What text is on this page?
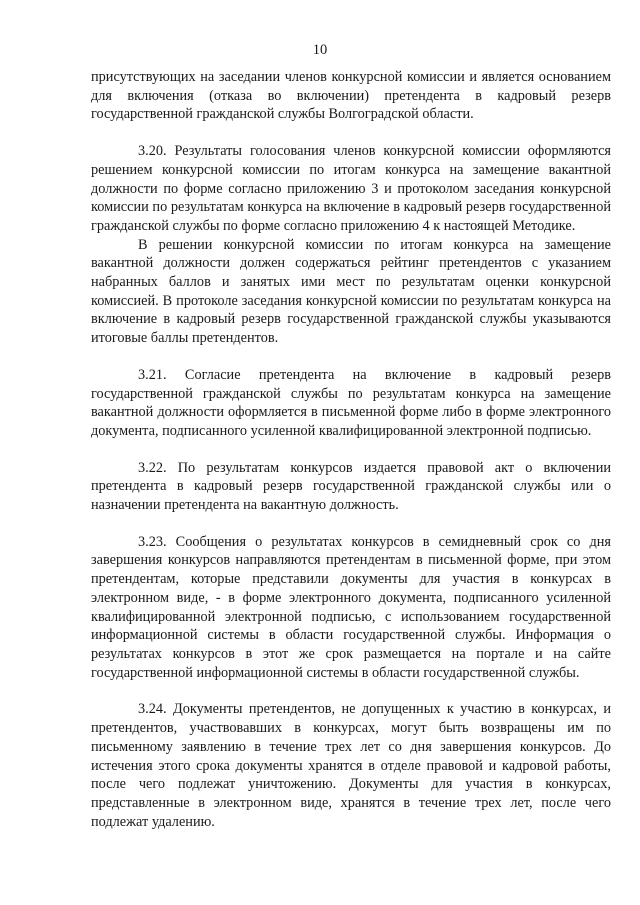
10

присутствующих на заседании членов конкурсной комиссии и является основанием для включения (отказа во включении) претендента в кадровый резерв государственной гражданской службы Волгоградской области.

3.20. Результаты голосования членов конкурсной комиссии оформляются решением конкурсной комиссии по итогам конкурса на замещение вакантной должности по форме согласно приложению 3 и протоколом заседания конкурсной комиссии по результатам конкурса на включение в кадровый резерв государственной гражданской службы по форме согласно приложению 4 к настоящей Методике.

В решении конкурсной комиссии по итогам конкурса на замещение вакантной должности должен содержаться рейтинг претендентов с указанием набранных баллов и занятых ими мест по результатам оценки конкурсной комиссией. В протоколе заседания конкурсной комиссии по результатам конкурса на включение в кадровый резерв государственной гражданской службы указываются итоговые баллы претендентов.

3.21. Согласие претендента на включение в кадровый резерв государственной гражданской службы по результатам конкурса на замещение вакантной должности оформляется в письменной форме либо в форме электронного документа, подписанного усиленной квалифицированной электронной подписью.

3.22. По результатам конкурсов издается правовой акт о включении претендента в кадровый резерв государственной гражданской службы или о назначении претендента на вакантную должность.

3.23. Сообщения о результатах конкурсов в семидневный срок со дня завершения конкурсов направляются претендентам в письменной форме, при этом претендентам, которые представили документы для участия в конкурсах в электронном виде, - в форме электронного документа, подписанного усиленной квалифицированной электронной подписью, с использованием государственной информационной системы в области государственной службы. Информация о результатах конкурсов в этот же срок размещается на портале и на сайте государственной информационной системы в области государственной службы.

3.24. Документы претендентов, не допущенных к участию в конкурсах, и претендентов, участвовавших в конкурсах, могут быть возвращены им по письменному заявлению в течение трех лет со дня завершения конкурсов. До истечения этого срока документы хранятся в отделе правовой и кадровой работы, после чего подлежат уничтожению. Документы для участия в конкурсах, представленные в электронном виде, хранятся в течение трех лет, после чего подлежат удалению.
